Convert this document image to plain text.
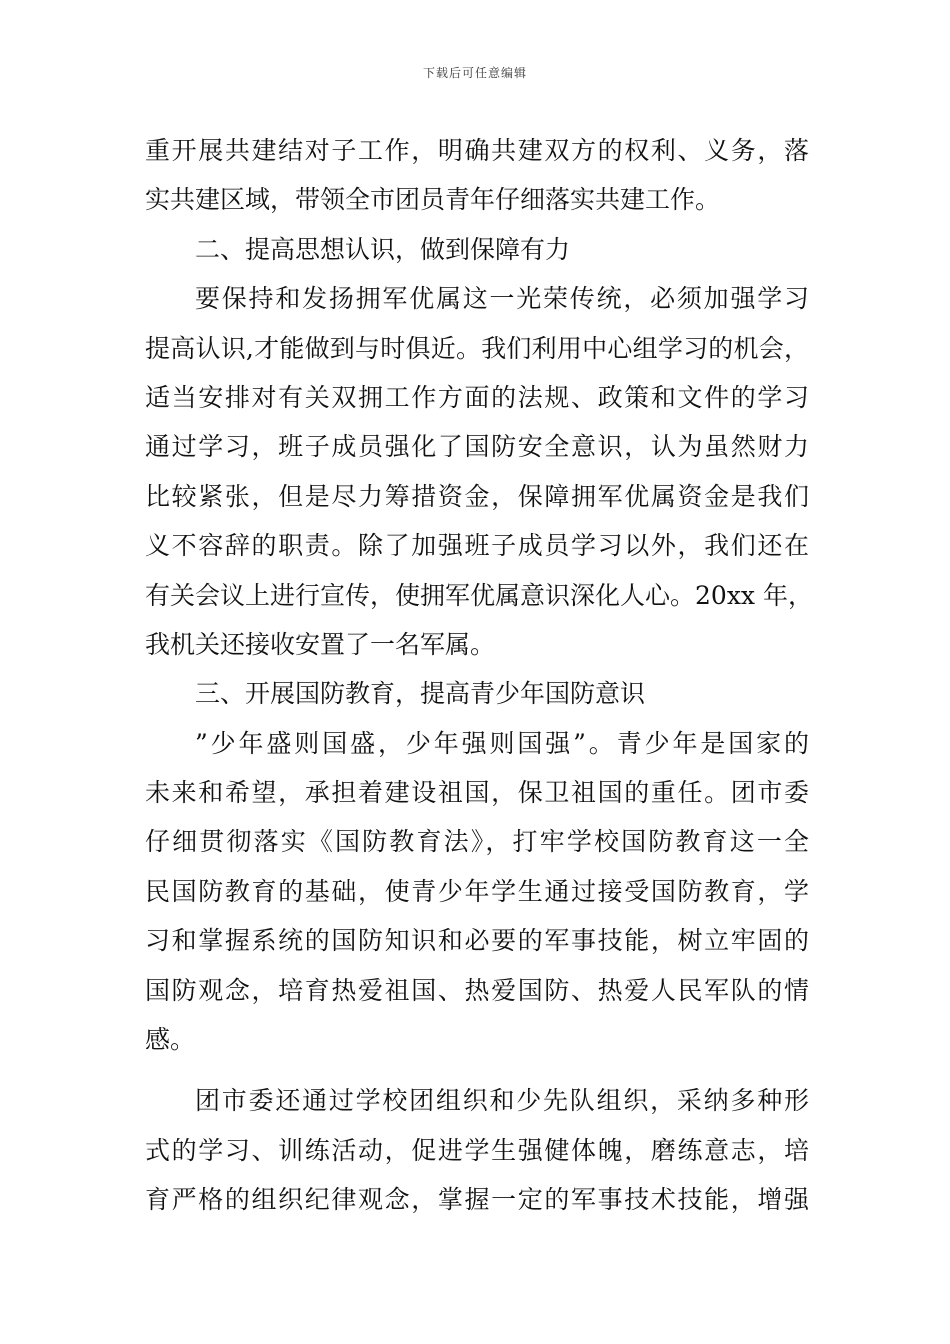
下载后可任意编辑
重开展共建结对子工作，明确共建双方的权利、义务，落
实共建区域，带领全市团员青年仔细落实共建工作。
二、提高思想认识，做到保障有力
要保持和发扬拥军优属这一光荣传统，必须加强学习
提高认识,才能做到与时俱近。我们利用中心组学习的机会，
适当安排对有关双拥工作方面的法规、政策和文件的学习
通过学习，班子成员强化了国防安全意识，认为虽然财力
比较紧张，但是尽力筹措资金，保障拥军优属资金是我们
义不容辞的职责。除了加强班子成员学习以外，我们还在
有关会议上进行宣传，使拥军优属意识深化人心。20xx 年，
我机关还接收安置了一名军属。
三、开展国防教育，提高青少年国防意识
”少年盛则国盛，少年强则国强”。青少年是国家的
未来和希望，承担着建设祖国，保卫祖国的重任。团市委
仔细贯彻落实《国防教育法》，打牢学校国防教育这一全
民国防教育的基础，使青少年学生通过接受国防教育，学
习和掌握系统的国防知识和必要的军事技能，树立牢固的
国防观念，培育热爱祖国、热爱国防、热爱人民军队的情
感。
团市委还通过学校团组织和少先队组织，采纳多种形
式的学习、训练活动，促进学生强健体魄，磨练意志，培
育严格的组织纪律观念，掌握一定的军事技术技能，增强
